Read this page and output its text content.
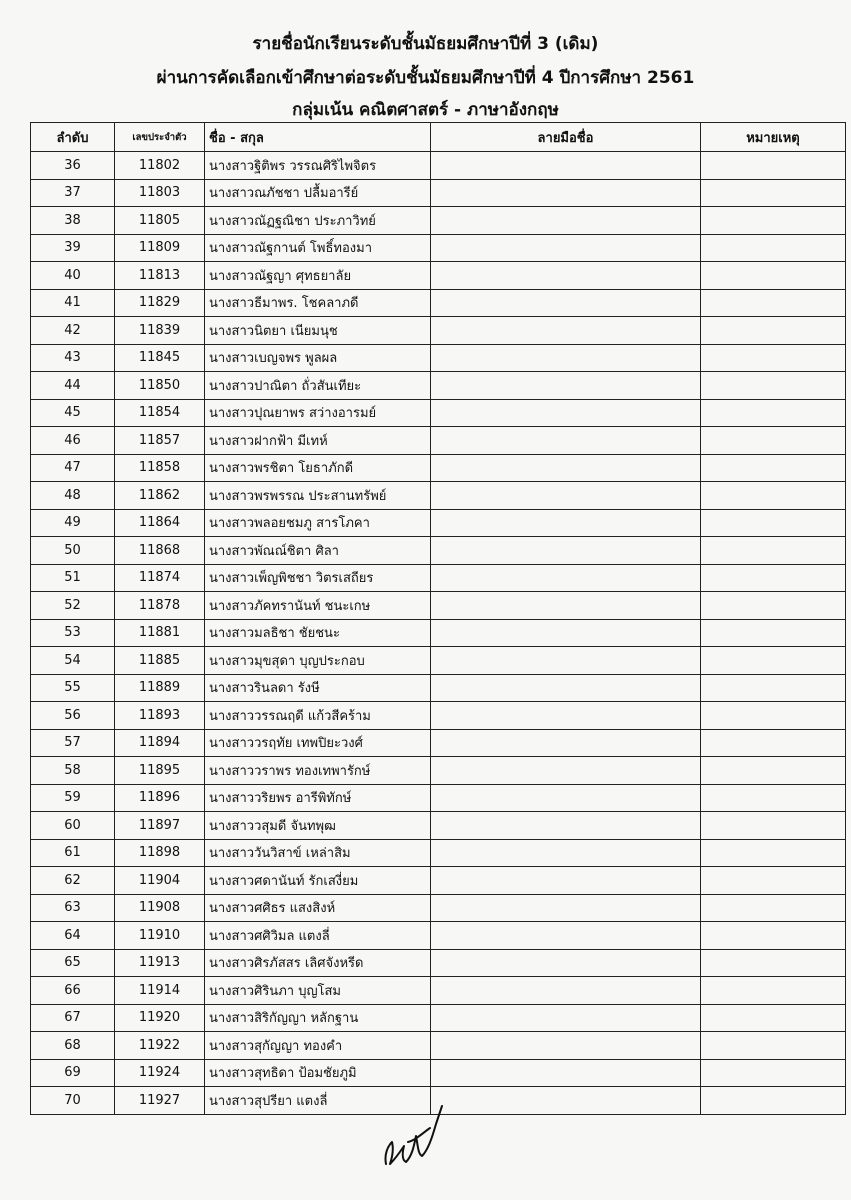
รายชื่อนักเรียนระดับชั้นมัธยมศึกษาปีที่ 3 (เดิม)
ผ่านการคัดเลือกเข้าศึกษาต่อระดับชั้นมัธยมศึกษาปีที่ 4 ปีการศึกษา 2561
กลุ่มเน้น คณิตศาสตร์ - ภาษาอังกฤษ
ลำดับ	เลขประจำตัว	ชื่อ - สกุล	ลายมือชื่อ	หมายเหตุ
36	11802	นางสาวฐิติพร วรรณศิริไพจิตร		
37	11803	นางสาวณภัชชา ปลื้มอารีย์		
38	11805	นางสาวณัฏฐณิชา ประภาวิทย์		
39	11809	นางสาวณัฐกานต์ โพธิ์ทองมา		
40	11813	นางสาวณัฐญา ศุทธยาลัย		
41	11829	นางสาวธีมาพร. โชคลาภดี		
42	11839	นางสาวนิตยา เนียมนุช		
43	11845	นางสาวเบญจพร พูลผล		
44	11850	นางสาวปาณิตา ถั่วสันเทียะ		
45	11854	นางสาวปุณยาพร สว่างอารมย์		
46	11857	นางสาวฝากฟ้า มีเทห์		
47	11858	นางสาวพรชิตา โยธาภักดี		
48	11862	นางสาวพรพรรณ ประสานทรัพย์		
49	11864	นางสาวพลอยชมภู สารโภคา		
50	11868	นางสาวพัณณ์ชิตา ศิลา		
51	11874	นางสาวเพ็ญพิชชา วิตรเสถียร		
52	11878	นางสาวภัคทรานันท์ ชนะเกษ		
53	11881	นางสาวมลธิชา ชัยชนะ		
54	11885	นางสาวมุขสุดา บุญประกอบ		
55	11889	นางสาวรินลดา รังษี		
56	11893	นางสาววรรณฤดี แก้วสีคร้าม		
57	11894	นางสาววรฤทัย เทพปิยะวงศ์		
58	11895	นางสาววราพร ทองเทพารักษ์		
59	11896	นางสาววริยพร อารีพิทักษ์		
60	11897	นางสาววสุมดี จันทพุฒ		
61	11898	นางสาววันวิสาข์ เหล่าสิม		
62	11904	นางสาวศดานันท์ รักเสงี่ยม		
63	11908	นางสาวศศิธร แสงสิงห์		
64	11910	นางสาวศศิวิมล แตงลี่		
65	11913	นางสาวศิรภัสสร เลิศจังหรีด		
66	11914	นางสาวศิรินภา บุญโสม		
67	11920	นางสาวสิริกัญญา หลักฐาน		
68	11922	นางสาวสุกัญญา ทองคำ		
69	11924	นางสาวสุทธิดา ป้อมชัยภูมิ		
70	11927	นางสาวสุปรียา แตงลี่		
